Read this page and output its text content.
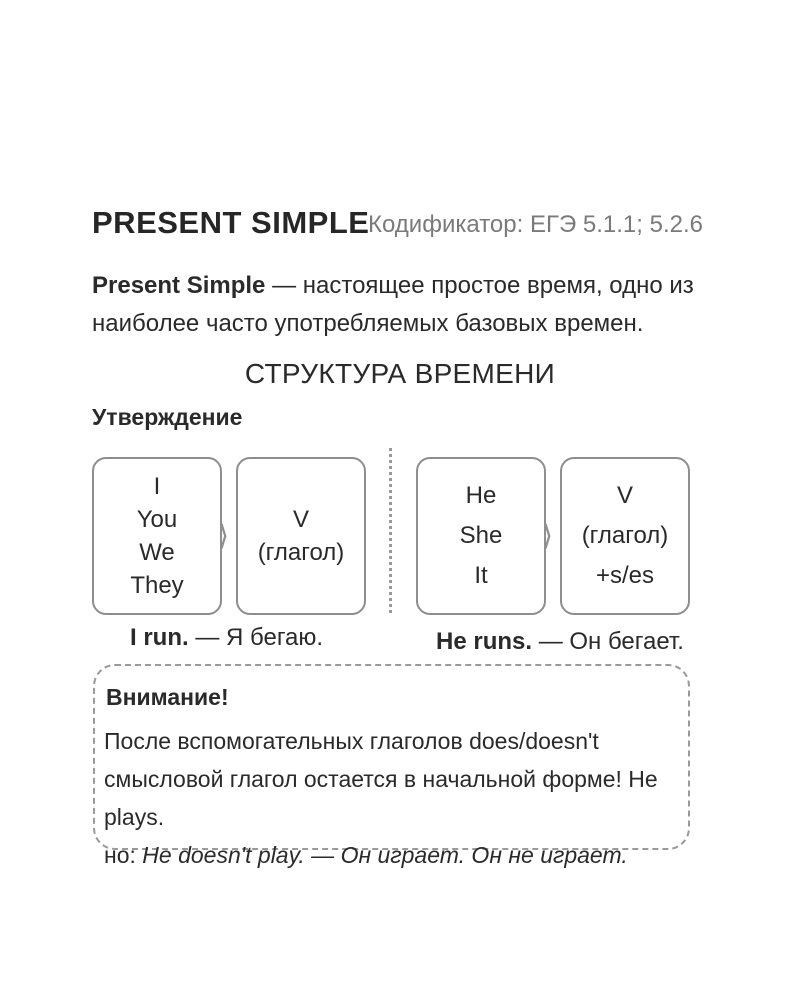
PRESENT SIMPLE
Кодификатор: ЕГЭ 5.1.1; 5.2.6
Present Simple — настоящее простое время, одно из наиболее часто употребляемых базовых времен.
СТРУКТУРА ВРЕМЕНИ
Утверждение
I
You
We
They
⟩	V
(глагол)
I run. — Я бегаю.
He
She
It
⟩
V
(глагол)
+s/es
He runs. — Он бегает.
Внимание!
После вспомогательных глаголов does/doesn't смысловой глагол остается в начальной форме! He plays.
но: He doesn't play. — Он играет. Он не играет.
